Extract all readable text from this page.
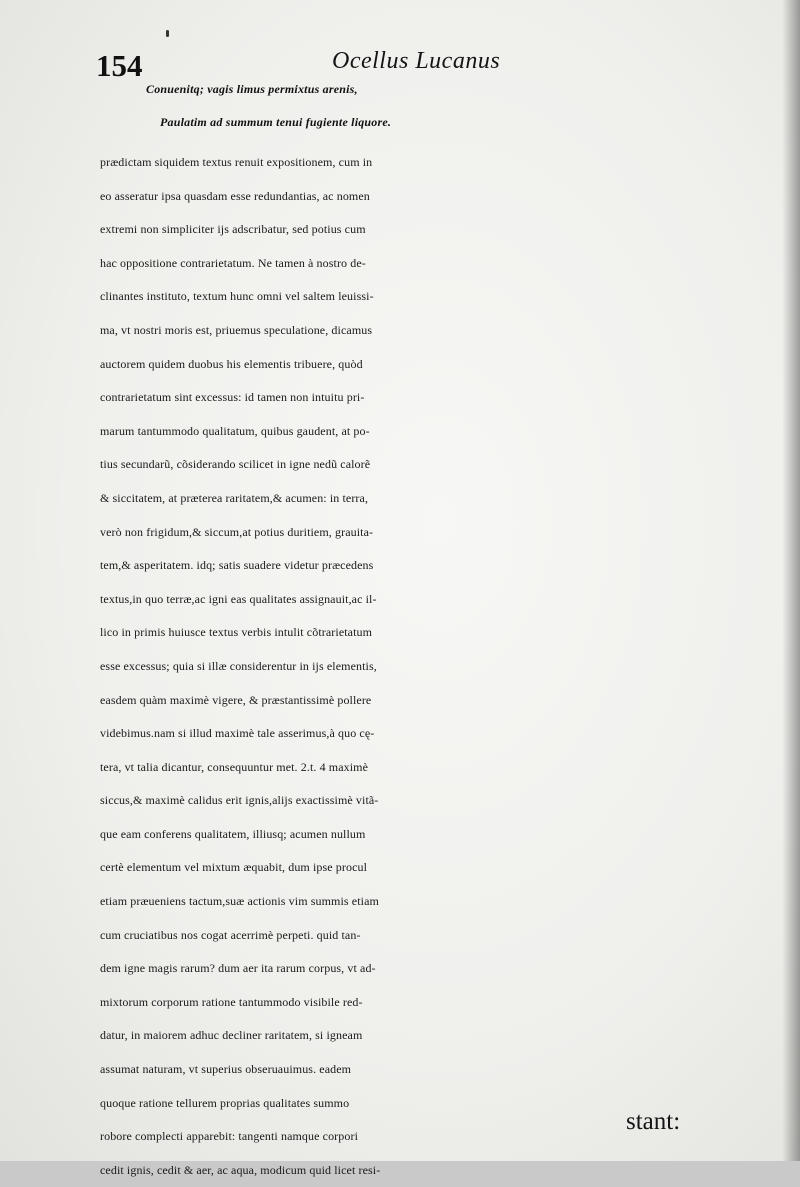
154	Ocellus Lucanus
Conuenitq; vagis limus permixtus arenis,
Paulatim ad summum tenui fugiente liquore.
prædictam siquidem textus renuit expositionem, cum in
eo asseratur ipsa quasdam esse redundantias, ac nomen
extremi non simpliciter ijs adscribatur, sed potius cum
hac oppositione contrarietatum. Ne tamen à nostro de-
clinantes instituto, textum hunc omni vel saltem leuissi-
ma, vt nostri moris est, priuemus speculatione, dicamus
auctorem quidem duobus his elementis tribuere, quòd
contrarietatum sint excessus: id tamen non intuitu pri-
marum tantummodo qualitatum, quibus gaudent, at po-
tius secundarũ, cõsiderando scilicet in igne nedũ calorẽ
& siccitatem, at præterea raritatem,& acumen: in terra,
verò non frigidum,& siccum,at potius duritiem, grauita-
tem,& asperitatem. idq; satis suadere videtur præcedens
textus,in quo terræ,ac igni eas qualitates assignauit,ac il-
lico in primis huiusce textus verbis intulit cõtrarietatum
esse excessus; quia si illæ considerentur in ijs elementis,
easdem quàm maximè vigere, & præstantissimè pollere
videbimus.nam si illud maximè tale asserimus,à quo cę-
tera, vt talia dicantur, consequuntur met. 2.t. 4 maximè
siccus,& maximè calidus erit ignis,alijs exactissimè vitã-
que eam conferens qualitatem, illiusq; acumen nullum
certè elementum vel mixtum æquabit, dum ipse procul
etiam præueniens tactum,suæ actionis vim summis etiam
cum cruciatibus nos cogat acerrimè perpeti. quid tan-
dem igne magis rarum? dum aer ita rarum corpus, vt ad-
mixtorum corporum ratione tantummodo visibile red-
datur, in maiorem adhuc decliner raritatem, si igneam
assumat naturam, vt superius obseruauimus. eadem
quoque ratione tellurem proprias qualitates summo
robore complecti apparebit: tangenti namque corpori
cedit ignis, cedit & aer, ac aqua, modicum quid licet resi-
stant:
